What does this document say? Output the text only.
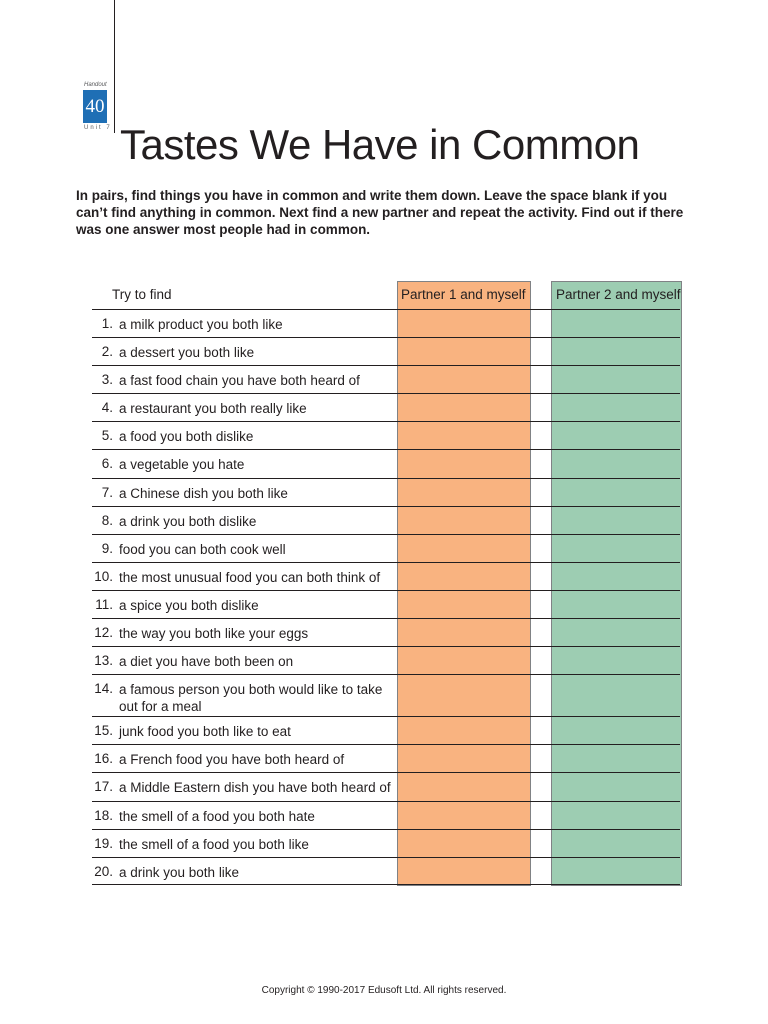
Handout
40
Unit 7 Tastes We Have in Common
In pairs, find things you have in common and write them down. Leave the space blank if you can’t find anything in common. Next find a new partner and repeat the activity. Find out if there was one answer most people had in common.
Try to find	Partner 1 and myself Partner 2 and myself
1. a milk product you both like
2. a dessert you both like
3. a fast food chain you have both heard of
4. a restaurant you both really like
5. a food you both dislike
6. a vegetable you hate
7. a Chinese dish you both like
8. a drink you both dislike
9. food you can both cook well
10. the most unusual food you can both think of
11. a spice you both dislike
12. the way you both like your eggs
13. a diet you have both been on
14. a famous person you both would like to take out for a meal
15. junk food you both like to eat
16. a French food you have both heard of
17. a Middle Eastern dish you have both heard of
18. the smell of a food you both hate
19. the smell of a food you both like
20. a drink you both like
Copyright © 1990-2017 Edusoft Ltd. All rights reserved.
